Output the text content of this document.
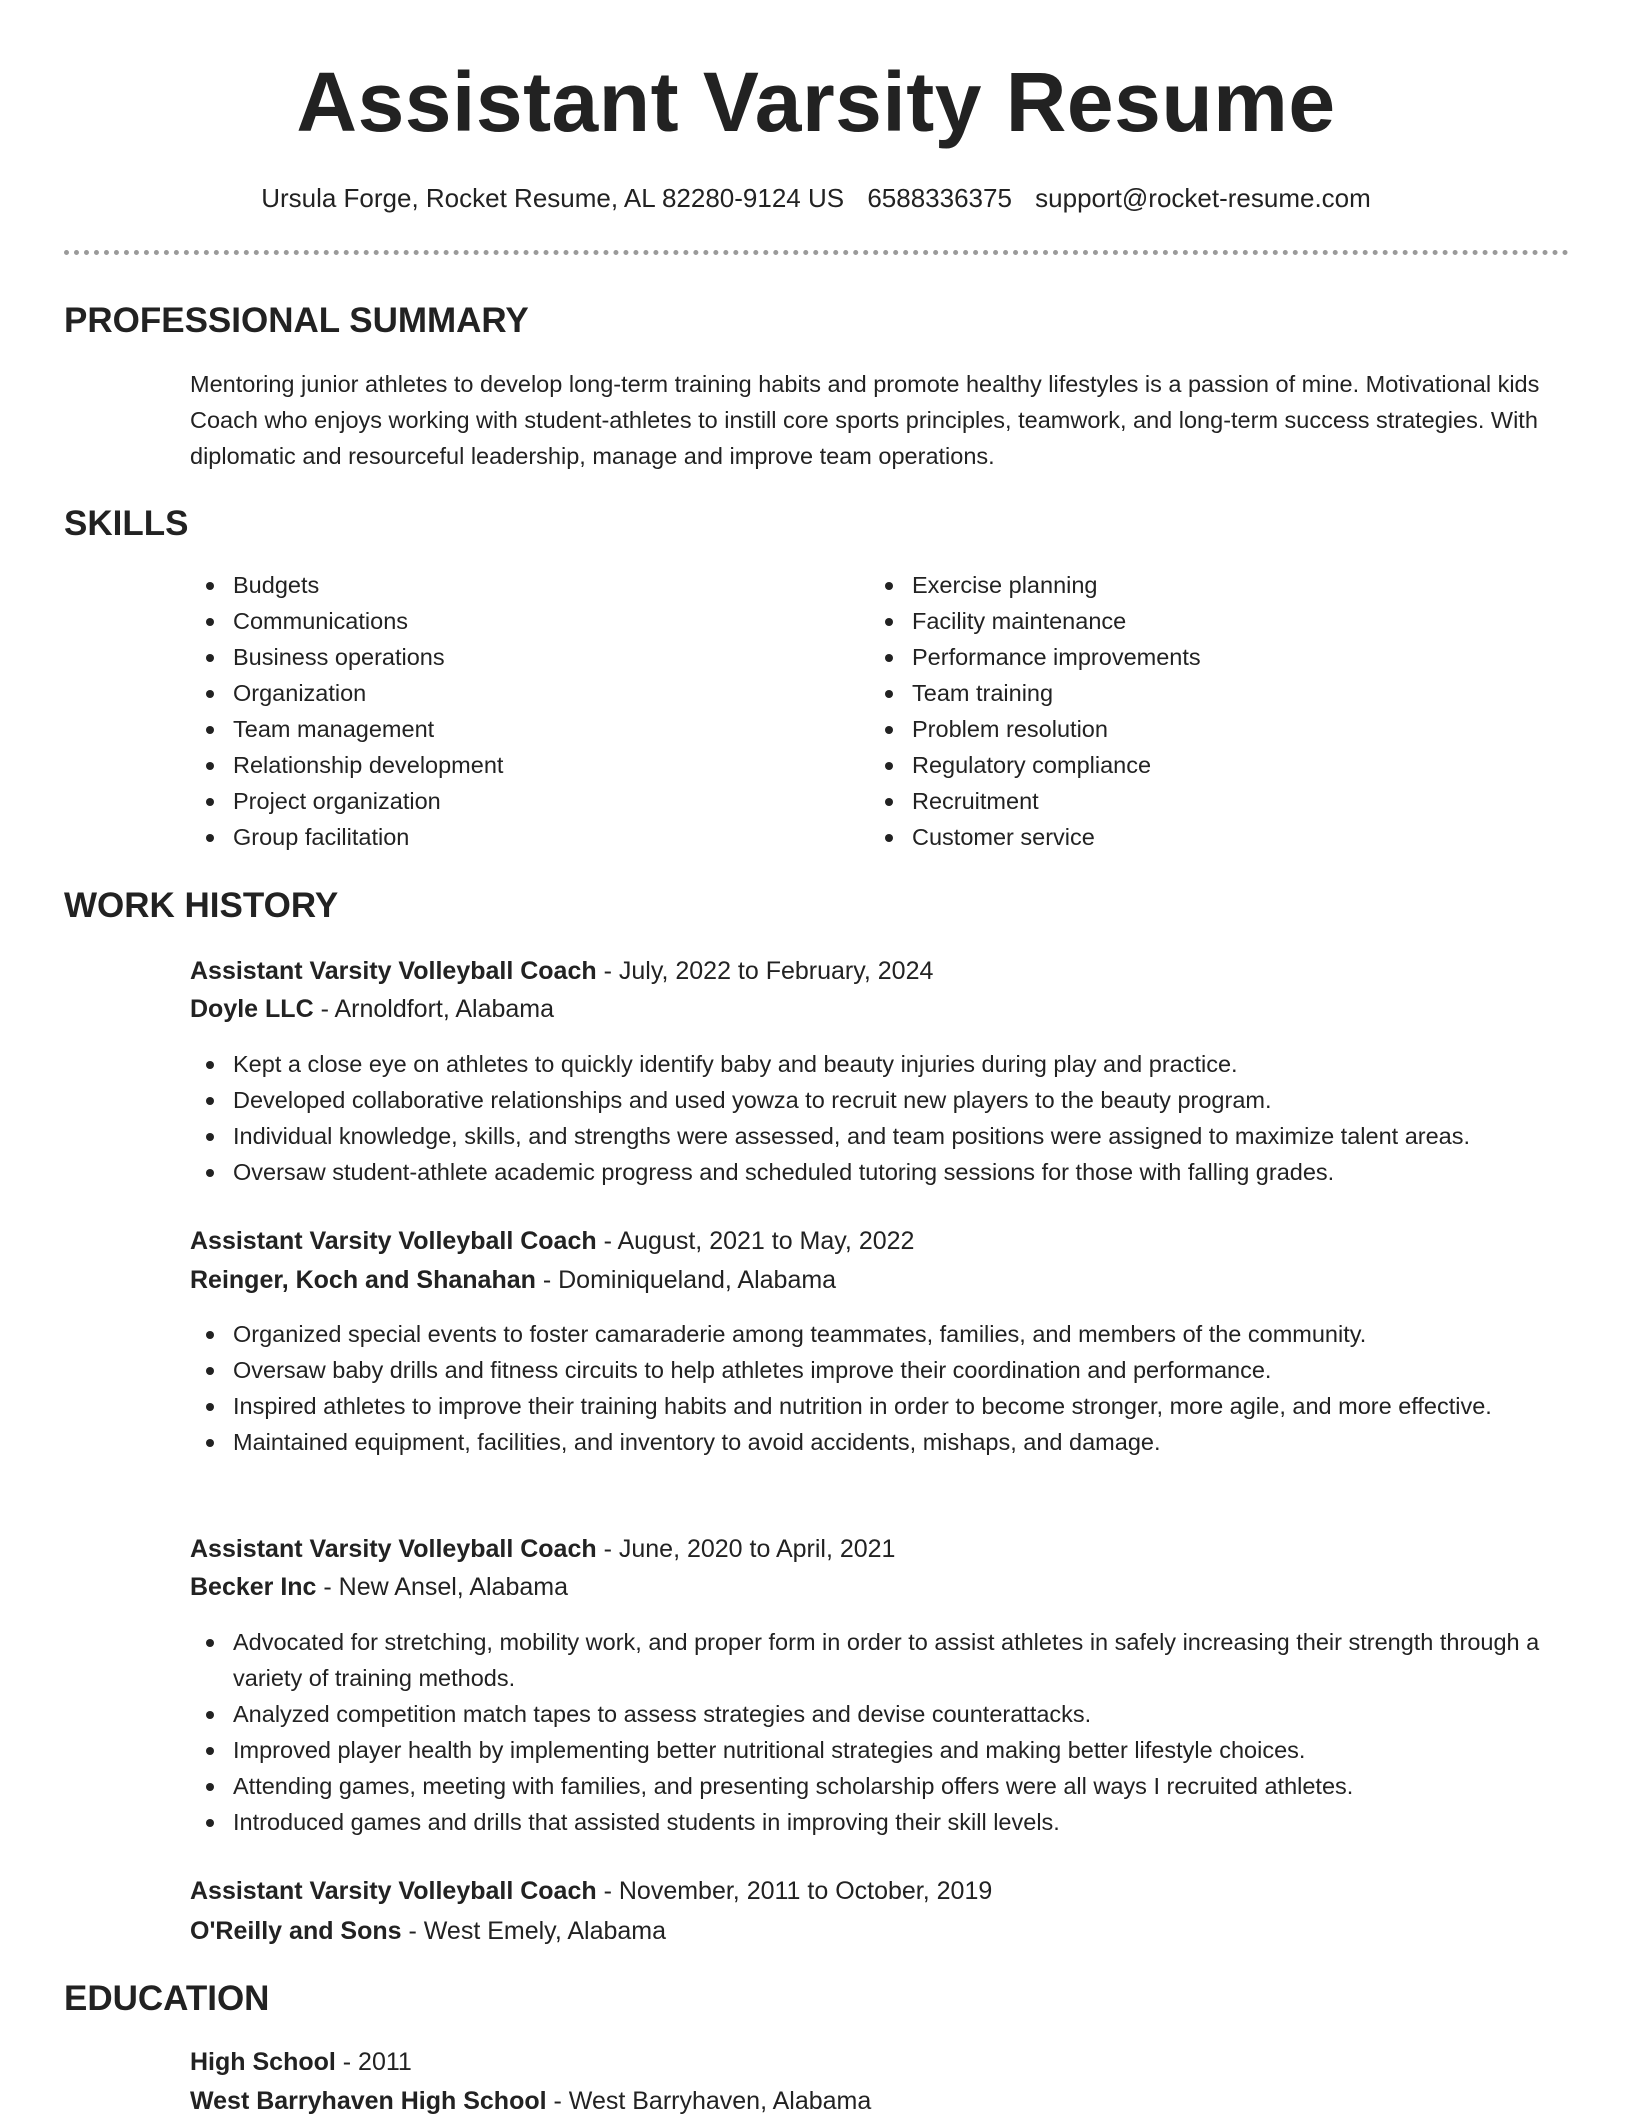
Assistant Varsity Resume
Ursula Forge, Rocket Resume, AL 82280-9124 US 6588336375 support@rocket-resume.com
PROFESSIONAL SUMMARY
Mentoring junior athletes to develop long-term training habits and promote healthy lifestyles is a passion of mine. Motivational kids Coach who enjoys working with student-athletes to instill core sports principles, teamwork, and long-term success strategies. With diplomatic and resourceful leadership, manage and improve team operations.
SKILLS
Budgets
Communications
Business operations
Organization
Team management
Relationship development
Project organization
Group facilitation
Exercise planning
Facility maintenance
Performance improvements
Team training
Problem resolution
Regulatory compliance
Recruitment
Customer service
WORK HISTORY
Assistant Varsity Volleyball Coach - July, 2022 to February, 2024
Doyle LLC - Arnoldfort, Alabama
Kept a close eye on athletes to quickly identify baby and beauty injuries during play and practice.
Developed collaborative relationships and used yowza to recruit new players to the beauty program.
Individual knowledge, skills, and strengths were assessed, and team positions were assigned to maximize talent areas.
Oversaw student-athlete academic progress and scheduled tutoring sessions for those with falling grades.
Assistant Varsity Volleyball Coach - August, 2021 to May, 2022
Reinger, Koch and Shanahan - Dominiqueland, Alabama
Organized special events to foster camaraderie among teammates, families, and members of the community.
Oversaw baby drills and fitness circuits to help athletes improve their coordination and performance.
Inspired athletes to improve their training habits and nutrition in order to become stronger, more agile, and more effective.
Maintained equipment, facilities, and inventory to avoid accidents, mishaps, and damage.
Assistant Varsity Volleyball Coach - June, 2020 to April, 2021
Becker Inc - New Ansel, Alabama
Advocated for stretching, mobility work, and proper form in order to assist athletes in safely increasing their strength through a variety of training methods.
Analyzed competition match tapes to assess strategies and devise counterattacks.
Improved player health by implementing better nutritional strategies and making better lifestyle choices.
Attending games, meeting with families, and presenting scholarship offers were all ways I recruited athletes.
Introduced games and drills that assisted students in improving their skill levels.
Assistant Varsity Volleyball Coach - November, 2011 to October, 2019
O'Reilly and Sons - West Emely, Alabama
EDUCATION
High School - 2011
West Barryhaven High School - West Barryhaven, Alabama
